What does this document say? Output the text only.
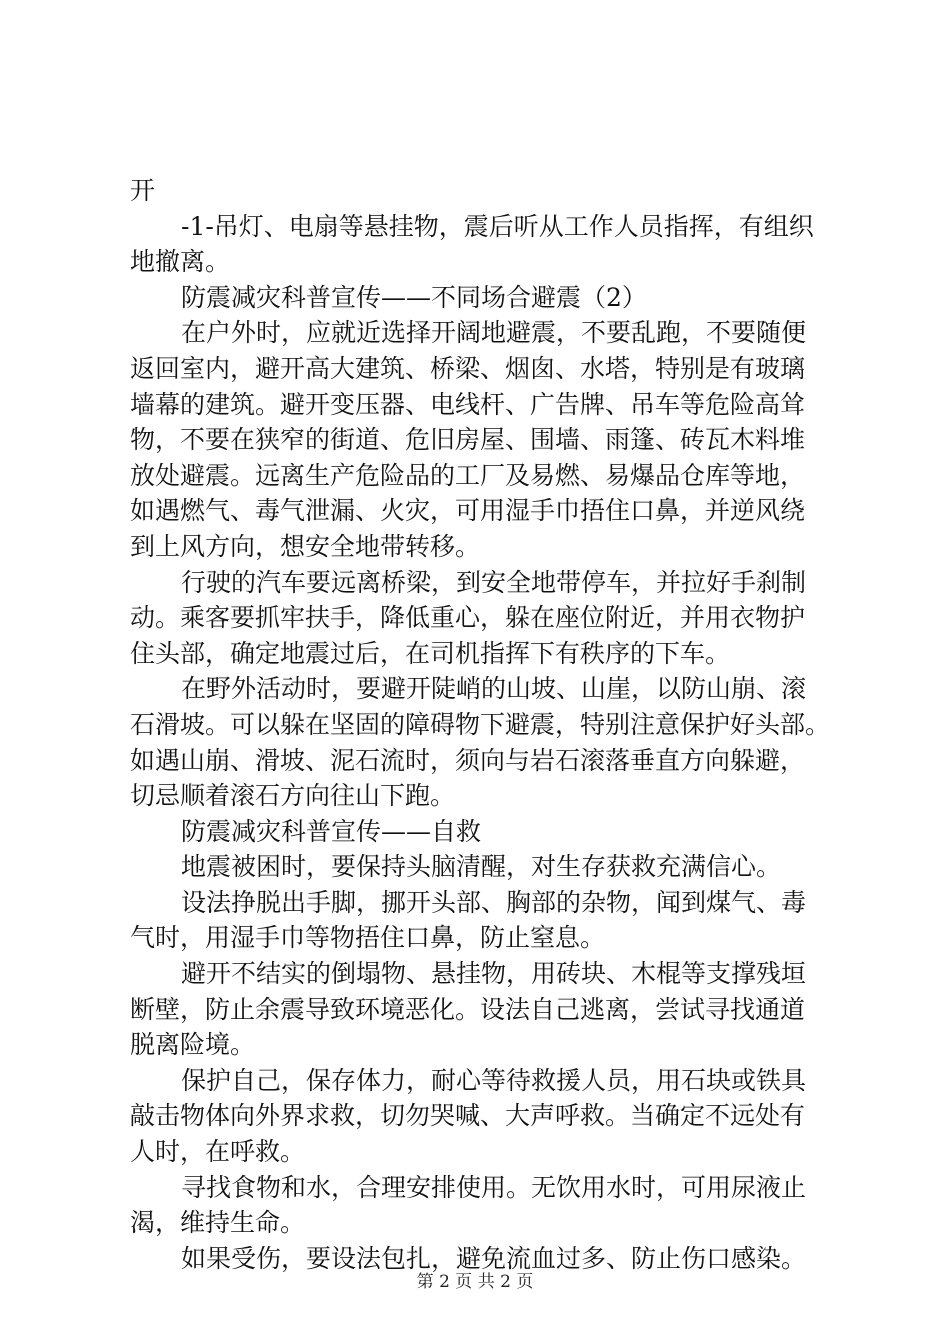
开
-1-吊灯、电扇等悬挂物，震后听从工作人员指挥，有组织
地撤离。
防震减灾科普宣传——不同场合避震（2）
在户外时，应就近选择开阔地避震，不要乱跑，不要随便
返回室内，避开高大建筑、桥梁、烟囱、水塔，特别是有玻璃
墙幕的建筑。避开变压器、电线杆、广告牌、吊车等危险高耸
物，不要在狭窄的街道、危旧房屋、围墙、雨篷、砖瓦木料堆
放处避震。远离生产危险品的工厂及易燃、易爆品仓库等地，
如遇燃气、毒气泄漏、火灾，可用湿手巾捂住口鼻，并逆风绕
到上风方向，想安全地带转移。
行驶的汽车要远离桥梁，到安全地带停车，并拉好手刹制
动。乘客要抓牢扶手，降低重心，躲在座位附近，并用衣物护
住头部，确定地震过后，在司机指挥下有秩序的下车。
在野外活动时，要避开陡峭的山坡、山崖，以防山崩、滚
石滑坡。可以躲在坚固的障碍物下避震，特别注意保护好头部。
如遇山崩、滑坡、泥石流时，须向与岩石滚落垂直方向躲避，
切忌顺着滚石方向往山下跑。
防震减灾科普宣传——自救
地震被困时，要保持头脑清醒，对生存获救充满信心。
设法挣脱出手脚，挪开头部、胸部的杂物，闻到煤气、毒
气时，用湿手巾等物捂住口鼻，防止窒息。
避开不结实的倒塌物、悬挂物，用砖块、木棍等支撑残垣
断壁，防止余震导致环境恶化。设法自己逃离，尝试寻找通道
脱离险境。
保护自己，保存体力，耐心等待救援人员，用石块或铁具
敲击物体向外界求救，切勿哭喊、大声呼救。当确定不远处有
人时，在呼救。
寻找食物和水，合理安排使用。无饮用水时，可用尿液止
渴，维持生命。
如果受伤，要设法包扎，避免流血过多、防止伤口感染。
第 2 页 共 2 页
